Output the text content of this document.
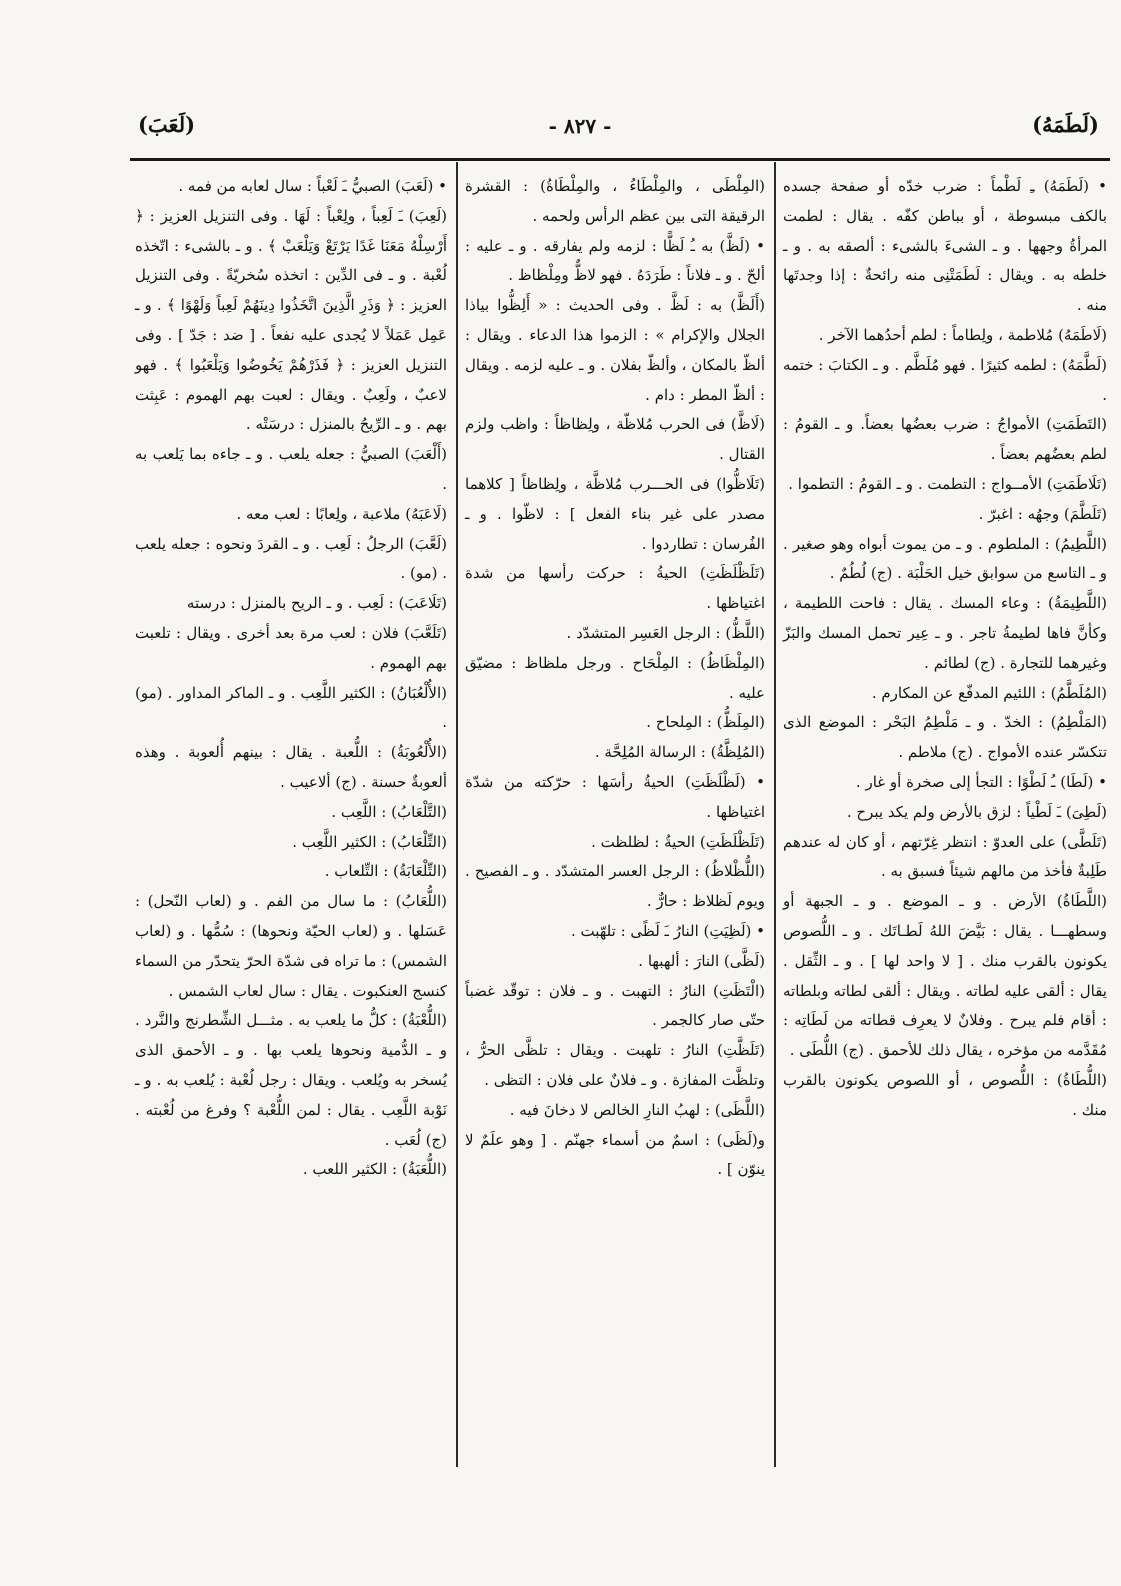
(لَطَمَهُ)
- ٨٢٧ -
(لَعَبَ)

• (لَطَمَهُ) ـِ لَطْماً : ضرب خدّه أو صفحة جسده بالكف مبسوطة ، أو بباطن كفّه . يقال : لطمت المرأةُ وجهها . و ـ الشىءَ بالشىء : ألصقه به . و ـ خلطه به . ويقال : لَطَمَتْنِى منه رائحةٌ : إذا وجدتَها منه .

(لَاطَمَهُ) مُلاطمة ، ولِطاماً : لطم أحدُهما الآخر .

(لَطَّمَهُ) : لطمه كثيرًا . فهو مُلَطَّم . و ـ الكتابَ : ختمه .

(التَطَمَتِ) الأمواجُ : ضرب بعضُها بعضاً. و ـ القومُ : لطم بعضُهم بعضاً .

(تَلَاطَمَتِ) الأمــواج : التطمت . و ـ القومُ : التطموا .

(تَلَطَّمَ) وجهُه : اغبرّ .

(اللَّطِيمُ) : الملطوم . و ـ من يموت أبواه وهو صغير . و ـ التاسع من سوابق خيل الحَلْبَة . (ج) لُطُمٌ .

(اللَّطِيمَةُ) : وعاء المسك . يقال : فاحت اللطيمة ، وكأنَّ فاها لطيمةُ تاجر . و ـ عِير تحمل المسك والبَزّ وغيرهما للتجارة . (ج) لطائم .

(المُلَطَّمُ) : اللئيم المدفّع عن المكارم .

(المَلْطِمُ) : الخدّ . و ـ مَلْطِمُ البَحْر : الموضع الذى تتكسّر عنده الأمواج . (ج) ملاطم .

• (لَطَا) ـُ لَطْوًا : التجأ إلى صخرة أو غار .

(لَطِىَ) ـَ لَطْياً : لزق بالأرض ولم يكد يبرح .

(تَلَطَّى) على العدوّ : انتظر غِرّتهم ، أو كان له عندهم طَلِبةٌ فأخذ من مالهم شيئاً فسبق به .

(اللَّطَاةُ) الأرض . و ـ الموضع . و ـ الجبهة أو وسطهـــا . يقال : بَيَّضَ اللهُ لَطـاتَك . و ـ اللُّصوص يكونون بالقرب منك . [ لا واحد لها ] . و ـ الثِّقل . يقال : ألقى عليه لطاته . ويقال : ألقى لطاته وبلطاته : أقام فلم يبرح . وفلانٌ لا يعرِف قطاته من لَطَاتِه : مُقَدَّمه من مؤخره ، يقال ذلك للأحمق . (ج) اللُّطَى .

(اللُّطَاةُ) : اللُّصوص ، أو اللصوص يكونون بالقرب منك .

(المِلْطَى ، والمِلْطَاءُ ، والمِلْطَاةُ) : القشرة الرقيقة التى بين عظم الرأس ولحمه .

• (لَظَّ) به ـُ لَظًّا : لزمه ولم يفارقه . و ـ عليه : ألحّ . و ـ فلاناً : طَرَدَهُ . فهو لاظٌّ ومِلْظاظ .

(أَلَظَّ) به : لَظَّ . وفى الحديث : « أَلِظُّوا بياذا الجلال والإكرام » : الزموا هذا الدعاء . ويقال : ألظّ بالمكان ، وألظّ بفلان . و ـ عليه لزمه . ويقال : ألظّ المطر : دام .

(لَاظَّ) فى الحرب مُلاظّة ، ولِظاظاً : واظب ولزم القتال .

(تَلَاظُّوا) فى الحـــرب مُلاظَّة ، ولِظاظاً [ كلاهما مصدر على غير بناء الفعل ] : لاظّوا . و ـ الفُرسان : تطاردوا .

(تَلَظْلَظَتِ) الحيةُ : حركت رأسها من شدة اغتياظها .

(اللَّظُّ) : الرجل العَسِر المتشدّد .

(المِلْظَاظُ) : المِلْحَاح . ورجل ملظاظ : مضيّق عليه .

(المِلَظُّ) : المِلحاح .

(المُلِظَّةُ) : الرسالة المُلِحَّة .

• (لَظْلَظَتِ) الحيةُ رأسَها : حرّكته من شدّة اغتياظها .

(تَلَظْلَظَتِ) الحيةُ : لظلظت .

(اللُّظْلاظُ) : الرجل العسر المتشدّد . و ـ الفصيح . ويوم لَظلاظ : حارٌّ .

• (لَظِيَتِ) النارُ ـَ لَظًى : تلهّبت .

(لَظَّى) النارَ : ألهبها .

(الْتَظَتِ) النارُ : التهبت . و ـ فلان : توقّد غضباً حتّى صار كالجمر .

(تَلَظَّتِ) النارُ : تلهبت . ويقال : تلظَّى الحرُّ ، وتلظَّت المفازة . و ـ فلانٌ على فلان : التظى .

(اللَّظَى) : لهبُ النارِ الخالص لا دخانَ فيه .

و(لَظَى) : اسمٌ من أسماء جهنّم . [ وهو علَمٌ لا ينوّن ] .

• (لَعَبَ) الصبيُّ ـَ لَعْباً : سال لعابه من فمه .

(لَعِبَ) ـَ لَعِباً ، ولِعْباً : لَهَا . وفى التنزيل العزيز : ﴿ أَرْسِلْهُ مَعَنَا غَدًا يَرْتَعْ وَيَلْعَبْ ﴾ . و ـ بالشىء : اتّخذه لُعْبة . و ـ فى الدِّين : اتخذه سُخريّةً . وفى التنزيل العزيز : ﴿ وَذَرِ الَّذِينَ اتَّخَذُوا دِينَهُمْ لَعِباً وَلَهْوًا ﴾ . و ـ عَمِل عَمَلاً لا يُجدى عليه نفعاً . [ ضد : جَدّ ] . وفى التنزيل العزيز : ﴿ فَذَرْهُمْ يَخُوضُوا وَيَلْعَبُوا ﴾ . فهو لاعبٌ ، ولَعِبٌ . ويقال : لعبت بهم الهموم : عَبِثت بهم . و ـ الرِّيحُ بالمنزل : درسَتْه .

(أَلْعَبَ) الصبيُّ : جعله يلعب . و ـ جاءه بما يَلعب به .

(لَاعَبَهُ) ملاعبة ، ولِعابًا : لعب معه .

(لَعَّبَ) الرجلُ : لَعِب . و ـ القردَ ونحوه : جعله يلعب . (مو) .

(تَلَاعَبَ) : لَعِب . و ـ الريح بالمنزل : درسته

(تَلَعَّبَ) فلان : لعب مرة بعد أخرى . ويقال : تلعبت بهم الهموم .

(الأُلْعُبَانُ) : الكثير اللَّعِب . و ـ الماكر المداور . (مو) .

(الأُلْعُوبَةُ) : اللُّعبة . يقال : بينهم أُلعوبة . وهذه ألعوبةٌ حسنة . (ج) ألاعيب .

(التَّلْعَابُ) : اللَّعِب .

(التِّلْعَابُ) : الكثير اللَّعِب .

(التِّلْعَابَةُ) : التِّلعاب .

(اللُّعَابُ) : ما سال من الفم . و (لعاب النّحل) : عَسَلها . و (لعاب الحيّة ونحوها) : سُمُّها . و (لعاب الشمس) : ما تراه فى شدّة الحرّ يتحدّر من السماء كنسج العنكبوت . يقال : سال لعاب الشمس .

(اللُّعْبَةُ) : كلُّ ما يلعب به . مثـــل الشِّطرنج والنَّرد . و ـ الدُّمية ونحوها يلعب بها . و ـ الأحمق الذى يُسخر به ويُلعب . ويقال : رجل لُعْبة : يُلعب به . و ـ نَوْبة اللَّعِب . يقال : لمن اللُّعْبة ؟ وفرغ من لُعْبته . (ج) لُعَب .

(اللُّعَبَةُ) : الكثير اللعب .
